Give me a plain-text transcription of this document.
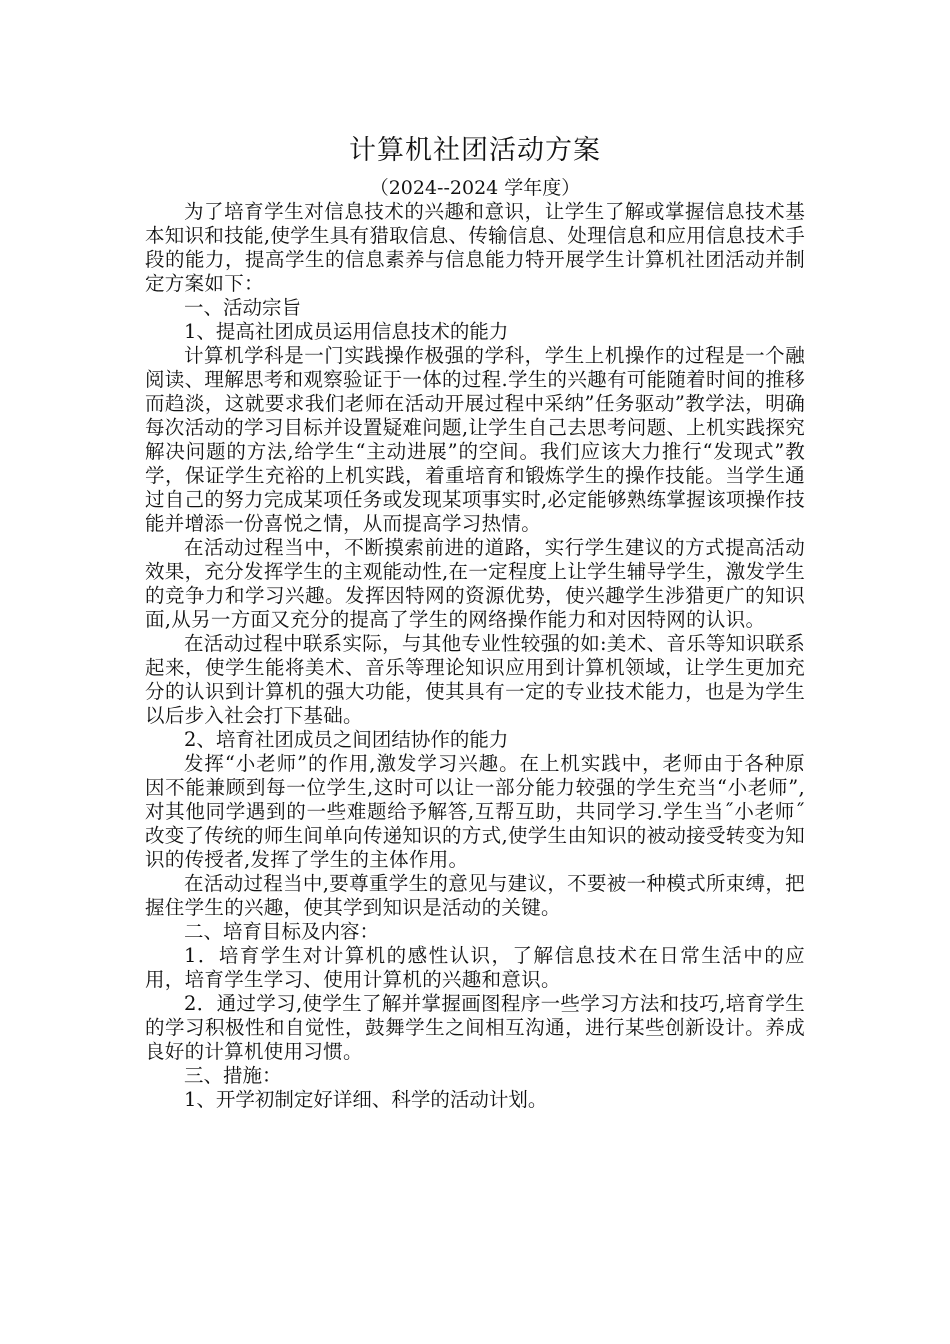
计算机社团活动方案

（2024--2024 学年度）

为了培育学生对信息技术的兴趣和意识，让学生了解或掌握信息技术基本知识和技能,使学生具有猎取信息、传输信息、处理信息和应用信息技术手段的能力，提高学生的信息素养与信息能力特开展学生计算机社团活动并制定方案如下：

一、活动宗旨

1、提高社团成员运用信息技术的能力

计算机学科是一门实践操作极强的学科，学生上机操作的过程是一个融阅读、理解思考和观察验证于一体的过程.学生的兴趣有可能随着时间的推移而趋淡，这就要求我们老师在活动开展过程中采纳”任务驱动”教学法，明确每次活动的学习目标并设置疑难问题,让学生自己去思考问题、上机实践探究解决问题的方法,给学生“主动进展”的空间。我们应该大力推行“发现式”教学，保证学生充裕的上机实践，着重培育和锻炼学生的操作技能。当学生通过自己的努力完成某项任务或发现某项事实时,必定能够熟练掌握该项操作技能并增添一份喜悦之情，从而提高学习热情。

在活动过程当中，不断摸索前进的道路，实行学生建议的方式提高活动效果，充分发挥学生的主观能动性,在一定程度上让学生辅导学生，激发学生的竞争力和学习兴趣。发挥因特网的资源优势，使兴趣学生涉猎更广的知识面,从另一方面又充分的提高了学生的网络操作能力和对因特网的认识。

在活动过程中联系实际，与其他专业性较强的如:美术、音乐等知识联系起来，使学生能将美术、音乐等理论知识应用到计算机领域，让学生更加充分的认识到计算机的强大功能，使其具有一定的专业技术能力，也是为学生以后步入社会打下基础。

2、培育社团成员之间团结协作的能力

发挥“小老师”的作用,激发学习兴趣。在上机实践中，老师由于各种原因不能兼顾到每一位学生,这时可以让一部分能力较强的学生充当“小老师”,对其他同学遇到的一些难题给予解答,互帮互助，共同学习.学生当˝小老师˝改变了传统的师生间单向传递知识的方式,使学生由知识的被动接受转变为知识的传授者,发挥了学生的主体作用。

在活动过程当中,要尊重学生的意见与建议，不要被一种模式所束缚，把握住学生的兴趣，使其学到知识是活动的关键。

二、培育目标及内容：

1．培育学生对计算机的感性认识，了解信息技术在日常生活中的应用，培育学生学习、使用计算机的兴趣和意识。

2．通过学习,使学生了解并掌握画图程序一些学习方法和技巧,培育学生的学习积极性和自觉性，鼓舞学生之间相互沟通，进行某些创新设计。养成良好的计算机使用习惯。

三、措施：

1、开学初制定好详细、科学的活动计划。
